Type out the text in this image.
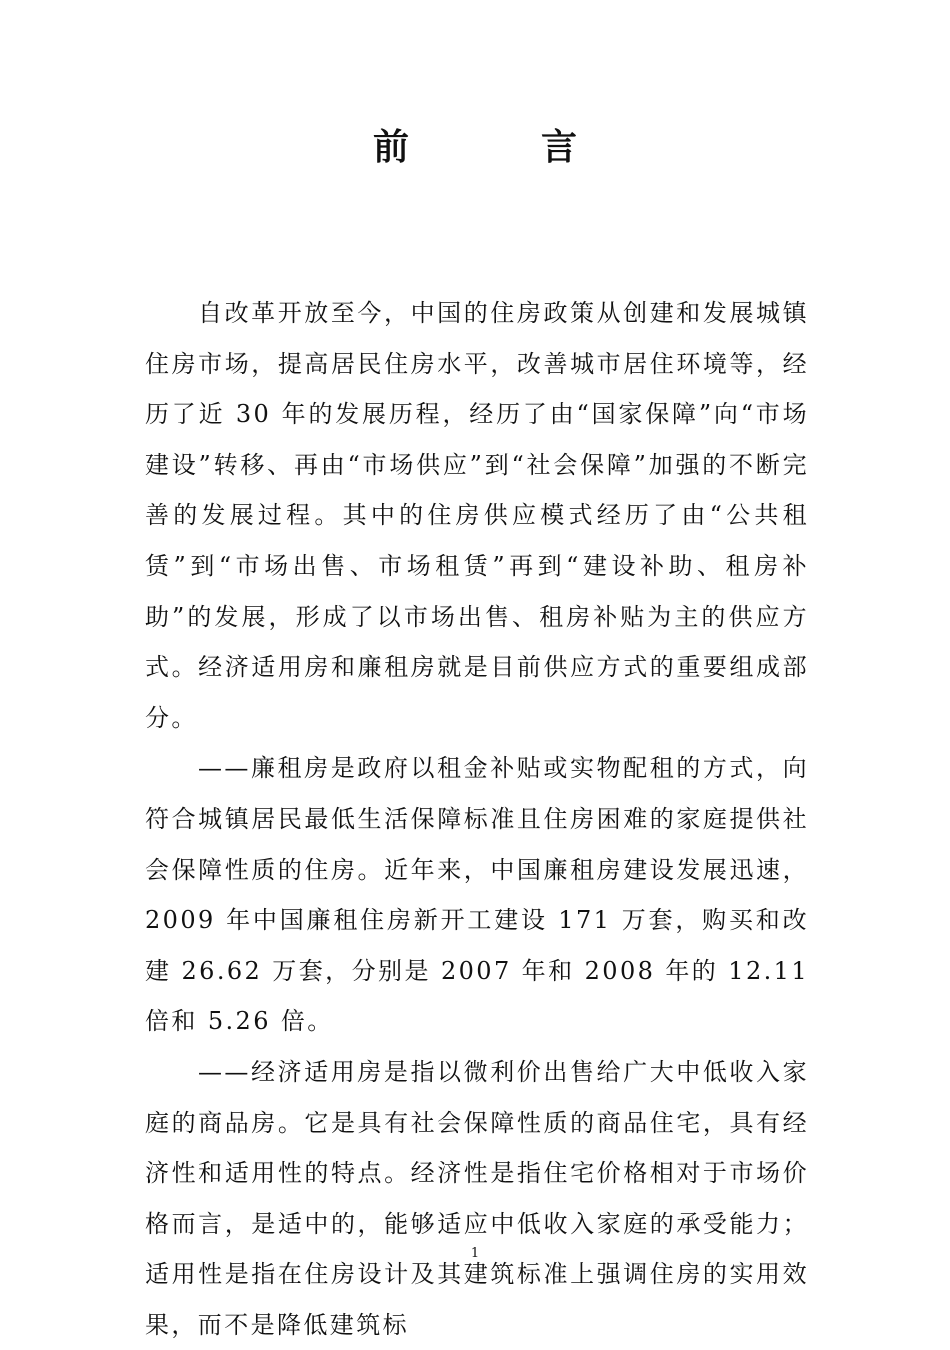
前　言

自改革开放至今，中国的住房政策从创建和发展城镇住房市场，提高居民住房水平，改善城市居住环境等，经历了近 30 年的发展历程，经历了由“国家保障”向“市场建设”转移、再由“市场供应”到“社会保障”加强的不断完善的发展过程。其中的住房供应模式经历了由“公共租赁”到“市场出售、市场租赁”再到“建设补助、租房补助”的发展，形成了以市场出售、租房补贴为主的供应方式。经济适用房和廉租房就是目前供应方式的重要组成部分。

——廉租房是政府以租金补贴或实物配租的方式，向符合城镇居民最低生活保障标准且住房困难的家庭提供社会保障性质的住房。近年来，中国廉租房建设发展迅速，2009 年中国廉租住房新开工建设 171 万套，购买和改建 26.62 万套，分别是 2007 年和 2008 年的 12.11 倍和 5.26 倍。

——经济适用房是指以微利价出售给广大中低收入家庭的商品房。它是具有社会保障性质的商品住宅，具有经济性和适用性的特点。经济性是指住宅价格相对于市场价格而言，是适中的，能够适应中低收入家庭的承受能力；适用性是指在住房设计及其建筑标准上强调住房的实用效果，而不是降低建筑标

1
